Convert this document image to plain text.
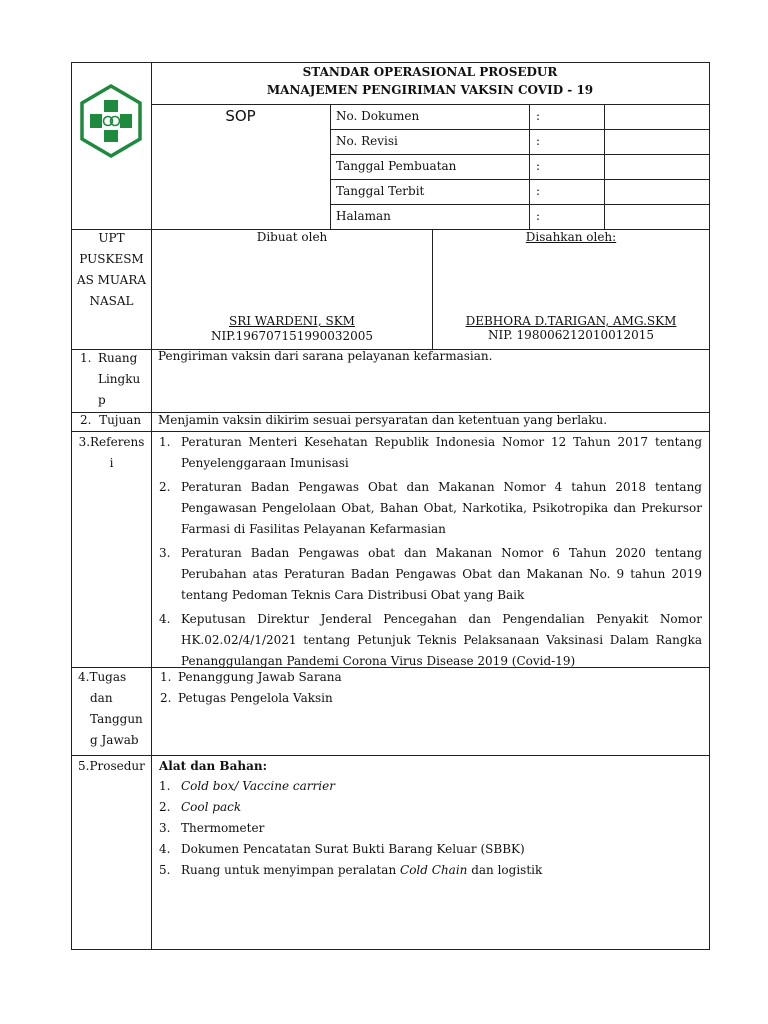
STANDAR OPERASIONAL PROSEDUR
MANAJEMEN PENGIRIMAN VAKSIN COVID - 19
SOP	No. Dokumen
No. Revisi
Tanggal Pembuatan
Tanggal Terbit
Halaman
:
:
:
:
:
UPT
PUSKESM
AS MUARA
NASAL
Dibuat oleh	Disahkan oleh:
SRI WARDENI, SKM
NIP.196707151990032005
DEBHORA D.TARIGAN, AMG.SKM
NIP. 198006212010012015
1. Ruang
Lingku
p
Pengiriman vaksin dari sarana pelayanan kefarmasian.
2.  Tujuan Menjamin vaksin dikirim sesuai persyaratan dan ketentuan yang berlaku.
3.Referens
i
1. Peraturan Menteri Kesehatan Republik Indonesia Nomor 12 Tahun 2017 tentang Penyelenggaraan Imunisasi
2. Peraturan Badan Pengawas Obat dan Makanan Nomor 4 tahun 2018 tentang Pengawasan Pengelolaan Obat, Bahan Obat, Narkotika, Psikotropika dan Prekursor Farmasi di Fasilitas Pelayanan Kefarmasian
3. Peraturan Badan Pengawas obat dan Makanan Nomor 6 Tahun 2020 tentang Perubahan atas Peraturan Badan Pengawas Obat dan Makanan No. 9 tahun 2019 tentang Pedoman Teknis Cara Distribusi Obat yang Baik
4. Keputusan Direktur Jenderal Pencegahan dan Pengendalian Penyakit Nomor HK.02.02/4/1/2021 tentang Petunjuk Teknis Pelaksanaan Vaksinasi Dalam Rangka Penanggulangan Pandemi Corona Virus Disease 2019 (Covid-19)
4.Tugas
dan
Tanggun
g Jawab
1. Penanggung Jawab Sarana
2. Petugas Pengelola Vaksin
5.Prosedur Alat dan Bahan:
1. Cold box/ Vaccine carrier
2. Cool pack
3. Thermometer
4. Dokumen Pencatatan Surat Bukti Barang Keluar (SBBK)
5. Ruang untuk menyimpan peralatan Cold Chain dan logistik
